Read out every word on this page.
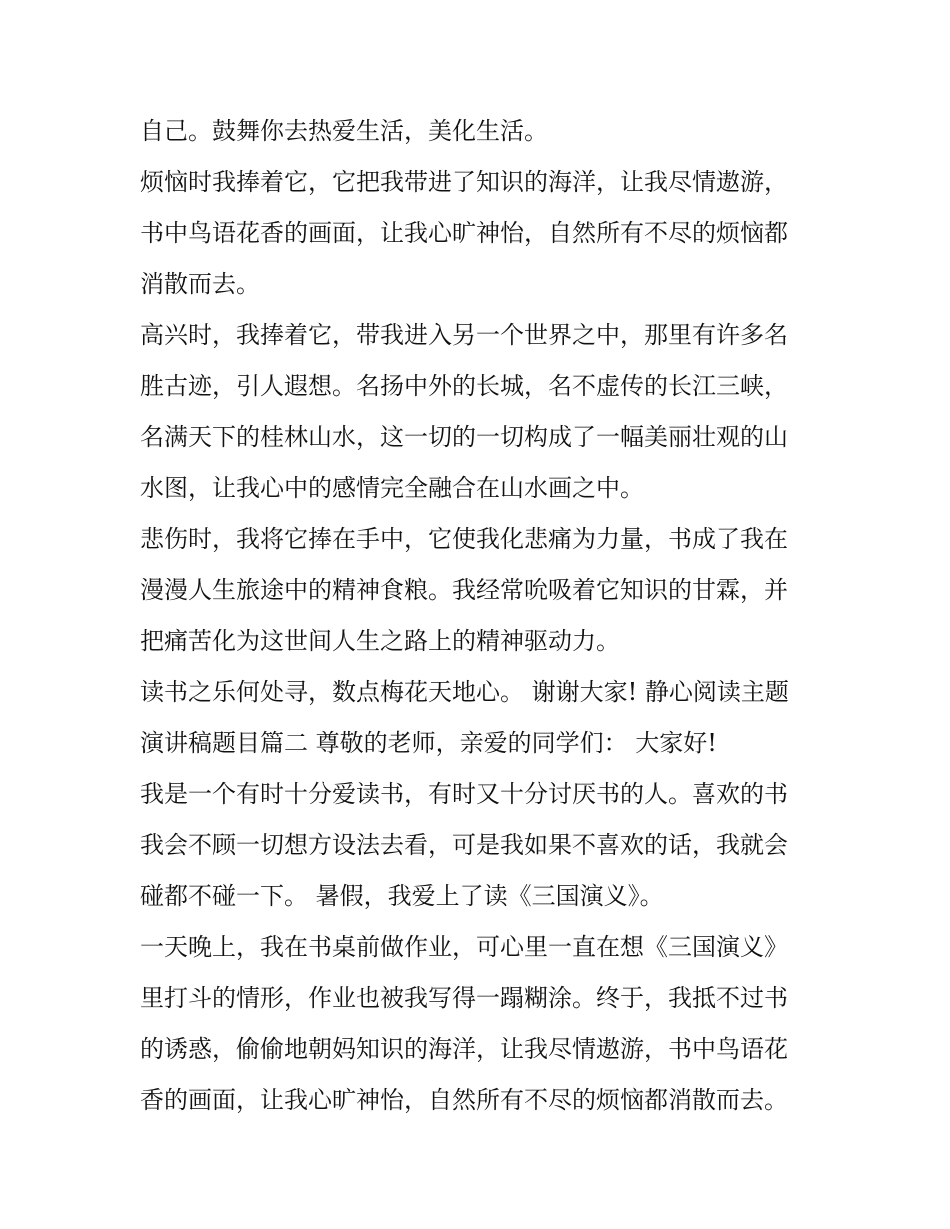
自己。鼓舞你去热爱生活，美化生活。
烦恼时我捧着它，它把我带进了知识的海洋，让我尽情遨游，
书中鸟语花香的画面，让我心旷神怡，自然所有不尽的烦恼都
消散而去。
高兴时，我捧着它，带我进入另一个世界之中，那里有许多名
胜古迹，引人遐想。名扬中外的长城，名不虚传的长江三峡，
名满天下的桂林山水，这一切的一切构成了一幅美丽壮观的山
水图，让我心中的感情完全融合在山水画之中。
悲伤时，我将它捧在手中，它使我化悲痛为力量，书成了我在
漫漫人生旅途中的精神食粮。我经常吮吸着它知识的甘霖，并
把痛苦化为这世间人生之路上的精神驱动力。
读书之乐何处寻，数点梅花天地心。 谢谢大家! 静心阅读主题
演讲稿题目篇二 尊敬的老师，亲爱的同学们： 大家好!
我是一个有时十分爱读书，有时又十分讨厌书的人。喜欢的书
我会不顾一切想方设法去看，可是我如果不喜欢的话，我就会
碰都不碰一下。 暑假，我爱上了读《三国演义》。
一天晚上，我在书桌前做作业，可心里一直在想《三国演义》
里打斗的情形，作业也被我写得一蹋糊涂。终于，我抵不过书
的诱惑，偷偷地朝妈知识的海洋，让我尽情遨游，书中鸟语花
香的画面，让我心旷神怡，自然所有不尽的烦恼都消散而去。
